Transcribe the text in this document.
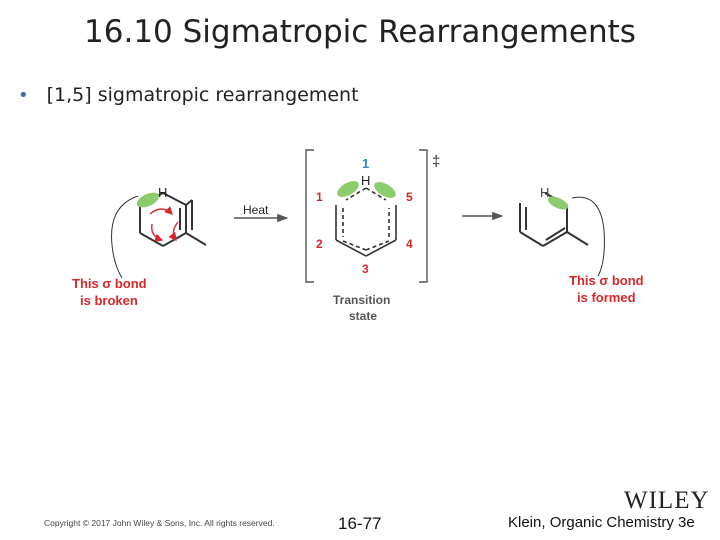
16.10 Sigmatropic Rearrangements
• [1,5] sigmatropic rearrangement
H
This σ bond
is broken
Heat
‡
H
1
1
2
3
4
5
Transition
state
H
This σ bond
is formed
Copyright © 2017 John Wiley & Sons, Inc. All rights reserved.	16-77	Klein, Organic Chemistry 3e
WILEY
